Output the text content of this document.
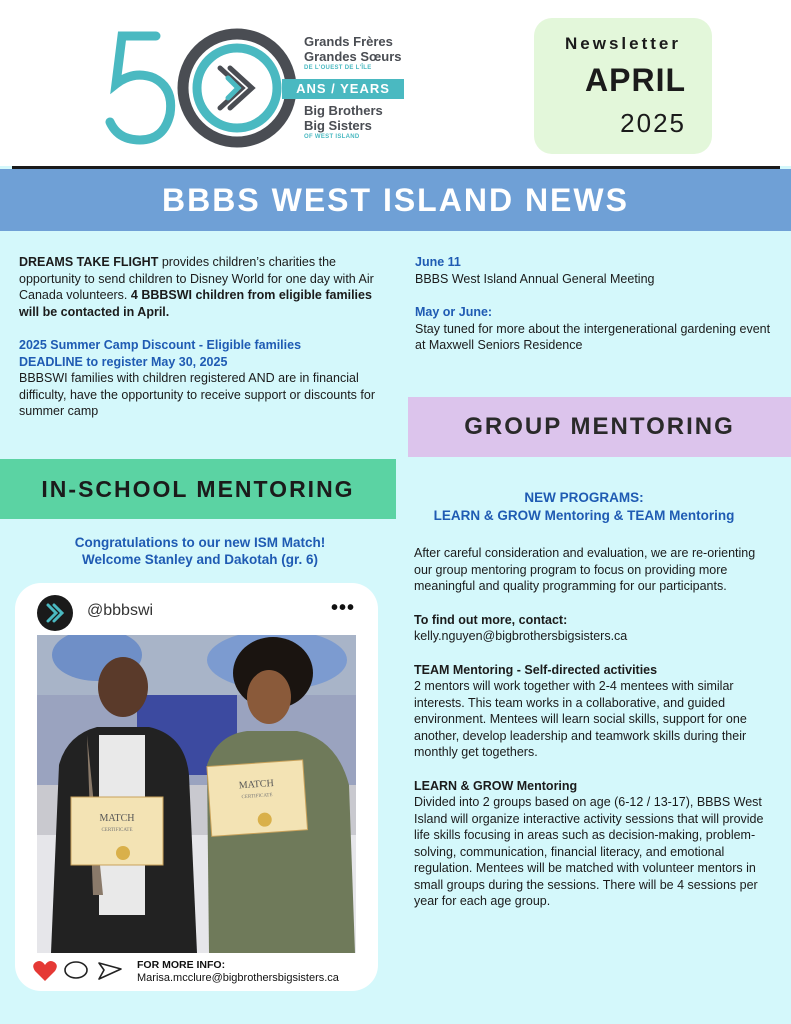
Grands Frères
Grandes Sœurs
DE L'OUEST DE L'ÎLE
ANS / YEARS
Big Brothers
Big Sisters
OF WEST ISLAND
Newsletter
APRIL
2025
BBBS WEST ISLAND NEWS

DREAMS TAKE FLIGHT provides children’s charities the opportunity to send children to Disney World for one day with Air Canada volunteers. 4 BBBSWI children from eligible families will be contacted in April.

2025 Summer Camp Discount - Eligible families

DEADLINE to register May 30, 2025

BBBSWI families with children registered AND are in financial difficulty, have the opportunity to receive support or discounts for summer camp

June 11

BBBS West Island Annual General Meeting

May or June:

Stay tuned for more about the intergenerational gardening event at Maxwell Seniors Residence

GROUP MENTORING
IN-SCHOOL MENTORING
Congratulations to our new ISM Match!
Welcome Stanley and Dakotah (gr. 6)
@bbbswi	•••
MATCH
CERTIFICATE
MATCH
CERTIFICATE
FOR MORE INFO:
Marisa.mcclure@bigbrothersbigsisters.ca
NEW PROGRAMS:
LEARN & GROW Mentoring & TEAM Mentoring

After careful consideration and evaluation, we are re-orienting our group mentoring program to focus on providing more meaningful and quality programming for our participants.

To find out more, contact:

kelly.nguyen@bigbrothersbigsisters.ca

TEAM Mentoring - Self-directed activities

2 mentors will work together with 2-4 mentees with similar interests. This team works in a collaborative, and guided environment. Mentees will learn social skills, support for one another, develop leadership and teamwork skills during their monthly get togethers.

LEARN & GROW Mentoring

Divided into 2 groups based on age (6-12 / 13-17), BBBS West Island will organize interactive activity sessions that will provide life skills focusing in areas such as decision-making, problem-solving, communication, financial literacy, and emotional regulation. Mentees will be matched with volunteer mentors in small groups during the sessions. There will be 4 sessions per year for each age group.
